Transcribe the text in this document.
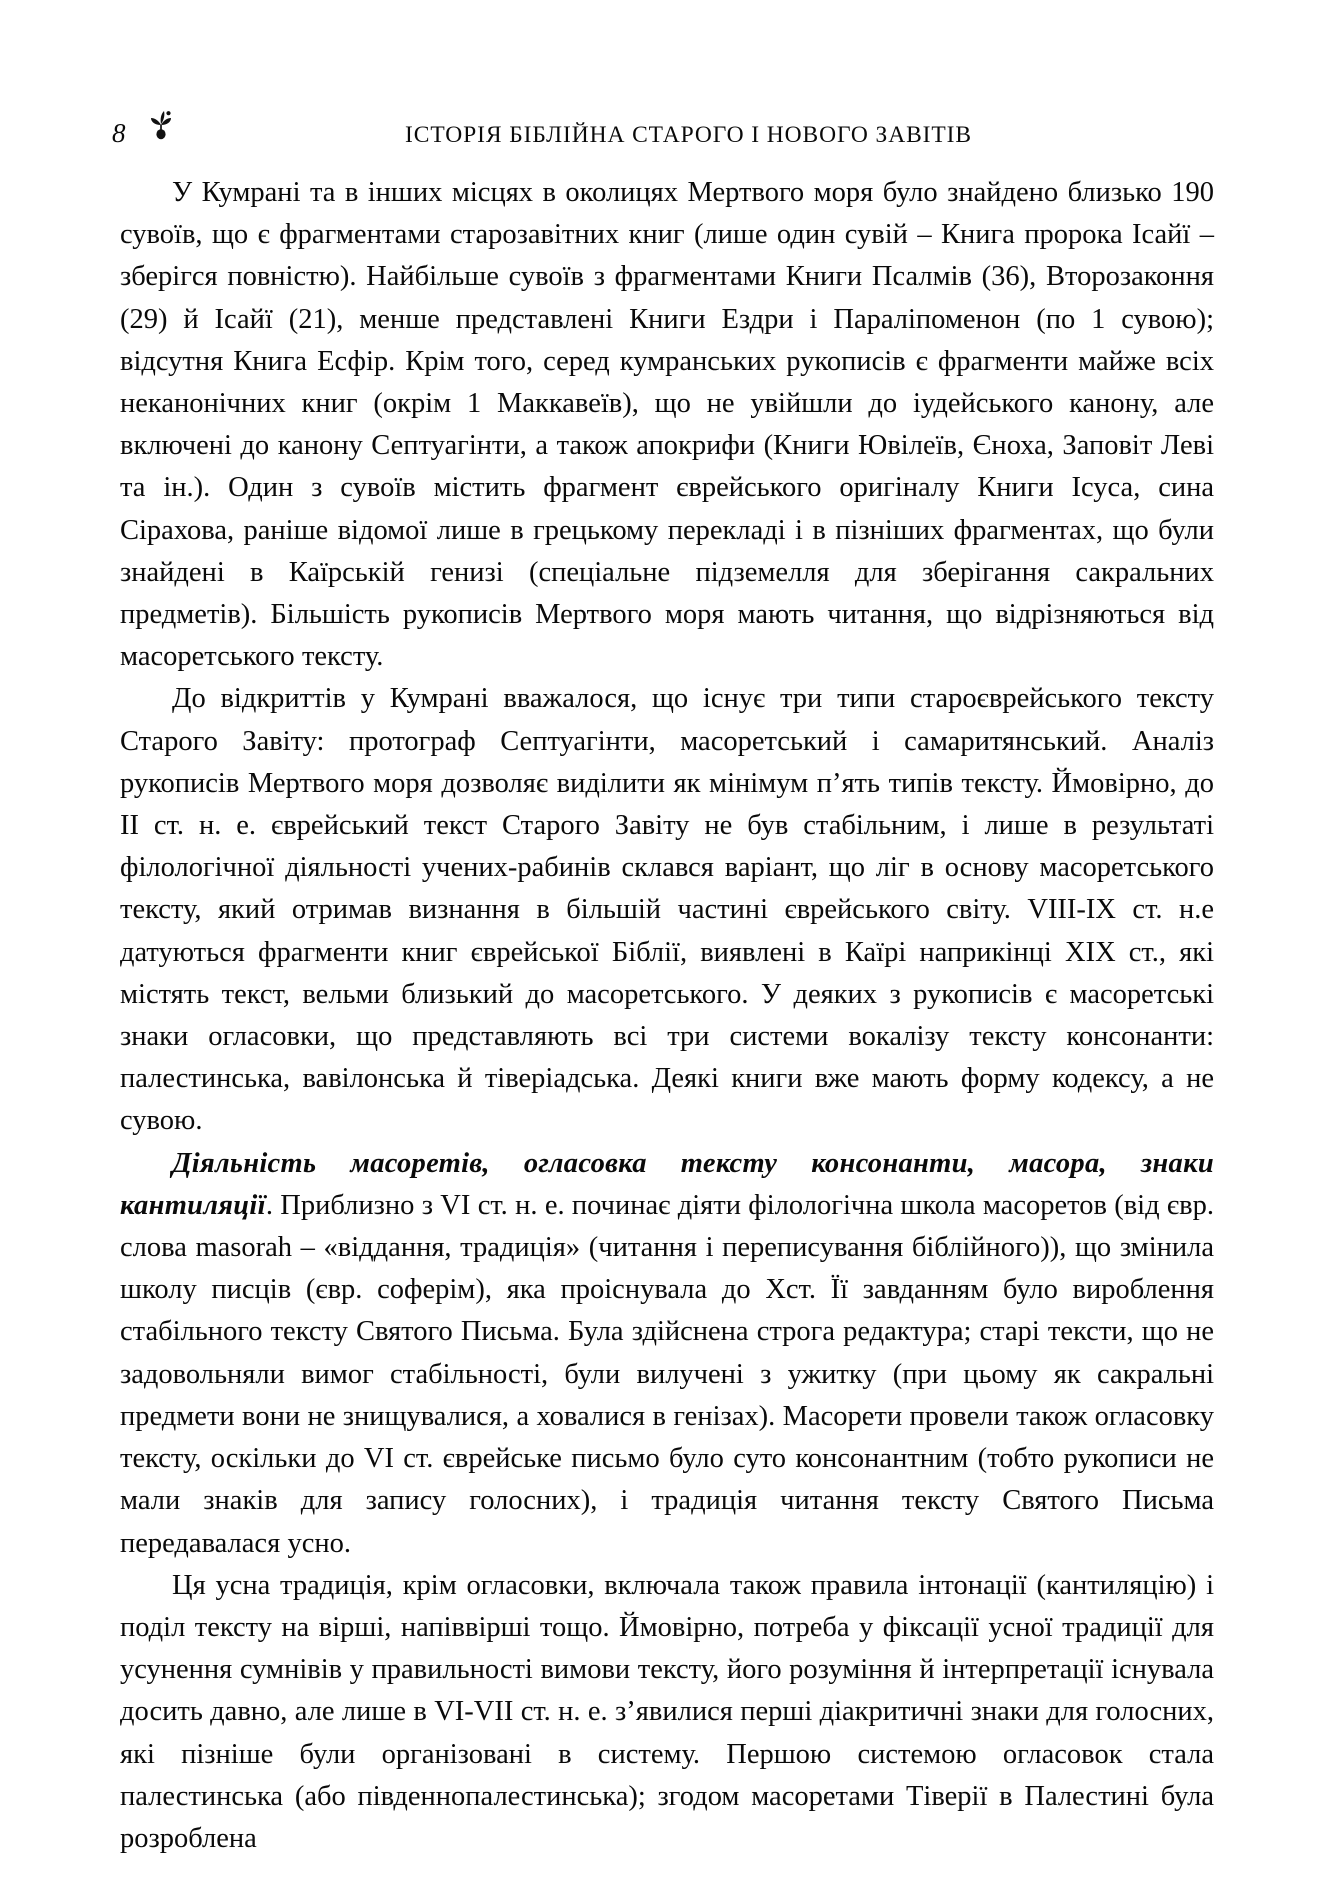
8	ІСТОРІЯ БІБЛІЙНА СТАРОГО І НОВОГО ЗАВІТІВ

У Кумрані та в інших місцях в околицях Мертвого моря було знайдено близько 190 сувоїв, що є фрагментами старозавітних книг (лише один сувій – Книга пророка Ісайї – зберігся повністю). Найбільше сувоїв з фрагментами Книги Псалмів (36), Второзаконня (29) й Ісайї (21), менше представлені Книги Ездри і Параліпоменон (по 1 сувою); відсутня Книга Есфір. Крім того, серед кумранських рукописів є фрагменти майже всіх неканонічних книг (окрім 1 Маккавеїв), що не увійшли до іудейського канону, але включені до канону Септуагінти, а також апокрифи (Книги Ювілеїв, Єноха, Заповіт Леві та ін.). Один з сувоїв містить фрагмент єврейського оригіналу Книги Ісуса, сина Сірахова, раніше відомої лише в грецькому перекладі і в пізніших фрагментах, що були знайдені в Каїрській генизі (спеціальне підземелля для зберігання сакральних предметів). Більшість рукописів Мертвого моря мають читання, що відрізняються від масоретського тексту.

До відкриттів у Кумрані вважалося, що існує три типи староєврейського тексту Старого Завіту: протограф Септуагінти, масоретський і самаритянський. Аналіз рукописів Мертвого моря дозволяє виділити як мінімум п’ять типів тексту. Ймовірно, до II ст. н. е. єврейський текст Старого Завіту не був стабільним, і лише в результаті філологічної діяльності учених-рабинів склався варіант, що ліг в основу масоретського тексту, який отримав визнання в більшій частині єврейського світу. VIII-IX ст. н.е датуються фрагменти книг єврейської Біблії, виявлені в Каїрі наприкінці XIX ст., які містять текст, вельми близький до масоретського. У деяких з рукописів є масоретські знаки огласовки, що представляють всі три системи вокалізу тексту консонанти: палестинська, вавілонська й тіверіадська. Деякі книги вже мають форму кодексу, а не сувою.

Діяльність масоретів, огласовка тексту консонанти, масора, знаки кантиляції. Приблизно з VI ст. н. е. починає діяти філологічна школа масоретов (від євр. слова masorah – «віддання, традиція» (читання і переписування біблійного)), що змінила школу писців (євр. соферім), яка проіснувала до Хст. Її завданням було вироблення стабільного тексту Святого Письма. Була здійснена строга редактура; старі тексти, що не задовольняли вимог стабільності, були вилучені з ужитку (при цьому як сакральні предмети вони не знищувалися, а ховалися в генізах). Масорети провели також огласовку тексту, оскільки до VI ст. єврейське письмо було суто консонантним (тобто рукописи не мали знаків для запису голосних), і традиція читання тексту Святого Письма передавалася усно.

Ця усна традиція, крім огласовки, включала також правила інтонації (кантиляцію) і поділ тексту на вірші, напіввірші тощо. Ймовірно, потреба у фіксації усної традиції для усунення сумнівів у правильності вимови тексту, його розуміння й інтерпретації існувала досить давно, але лише в VI-VII ст. н. е. з’явилися перші діакритичні знаки для голосних, які пізніше були організовані в систему. Першою системою огласовок стала палестинська (або південнопалестинська); згодом масоретами Тіверії в Палестині була розроблена
